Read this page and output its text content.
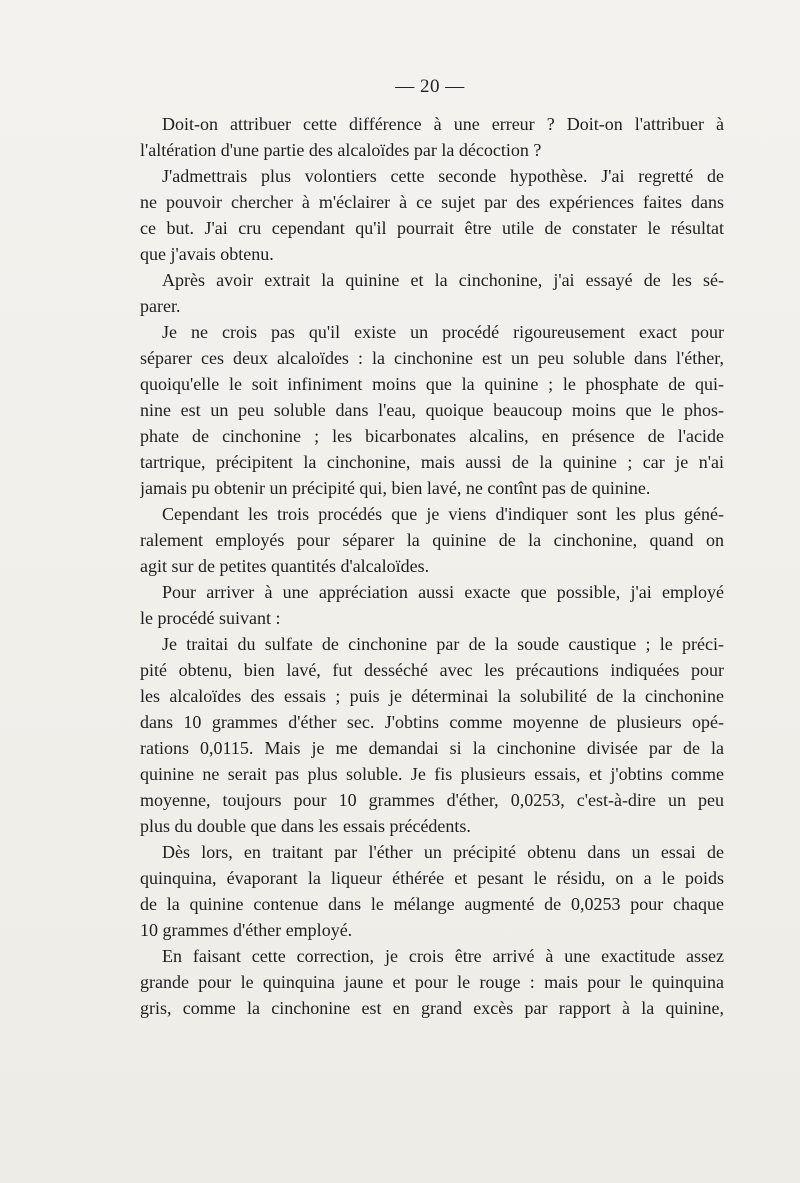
— 20 —
Doit-on attribuer cette différence à une erreur ? Doit-on l'attribuer à
l'altération d'une partie des alcaloïdes par la décoction ?
J'admettrais plus volontiers cette seconde hypothèse. J'ai regretté de
ne pouvoir chercher à m'éclairer à ce sujet par des expériences faites dans
ce but. J'ai cru cependant qu'il pourrait être utile de constater le résultat
que j'avais obtenu.
Après avoir extrait la quinine et la cinchonine, j'ai essayé de les sé-
parer.
Je ne crois pas qu'il existe un procédé rigoureusement exact pour
séparer ces deux alcaloïdes : la cinchonine est un peu soluble dans l'éther,
quoiqu'elle le soit infiniment moins que la quinine ; le phosphate de qui-
nine est un peu soluble dans l'eau, quoique beaucoup moins que le phos-
phate de cinchonine ; les bicarbonates alcalins, en présence de l'acide
tartrique, précipitent la cinchonine, mais aussi de la quinine ; car je n'ai
jamais pu obtenir un précipité qui, bien lavé, ne contînt pas de quinine.
Cependant les trois procédés que je viens d'indiquer sont les plus géné-
ralement employés pour séparer la quinine de la cinchonine, quand on
agit sur de petites quantités d'alcaloïdes.
Pour arriver à une appréciation aussi exacte que possible, j'ai employé
le procédé suivant :
Je traitai du sulfate de cinchonine par de la soude caustique ; le préci-
pité obtenu, bien lavé, fut desséché avec les précautions indiquées pour
les alcaloïdes des essais ; puis je déterminai la solubilité de la cinchonine
dans 10 grammes d'éther sec. J'obtins comme moyenne de plusieurs opé-
rations 0,0115. Mais je me demandai si la cinchonine divisée par de la
quinine ne serait pas plus soluble. Je fis plusieurs essais, et j'obtins comme
moyenne, toujours pour 10 grammes d'éther, 0,0253, c'est-à-dire un peu
plus du double que dans les essais précédents.
Dès lors, en traitant par l'éther un précipité obtenu dans un essai de
quinquina, évaporant la liqueur éthérée et pesant le résidu, on a le poids
de la quinine contenue dans le mélange augmenté de 0,0253 pour chaque
10 grammes d'éther employé.
En faisant cette correction, je crois être arrivé à une exactitude assez
grande pour le quinquina jaune et pour le rouge : mais pour le quinquina
gris, comme la cinchonine est en grand excès par rapport à la quinine,
